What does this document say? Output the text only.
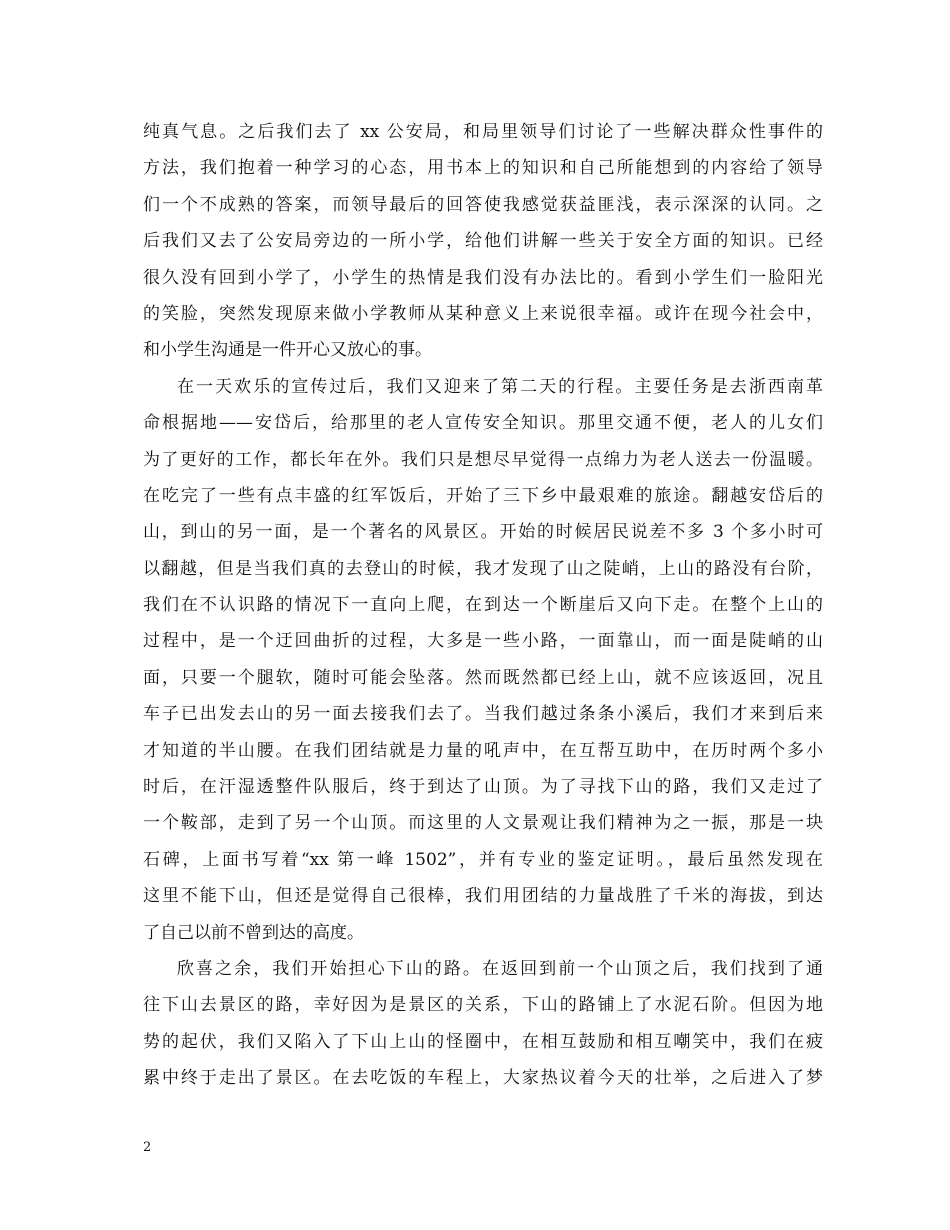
纯真气息。之后我们去了 xx 公安局，和局里领导们讨论了一些解决群众性事件的
方法，我们抱着一种学习的心态，用书本上的知识和自己所能想到的内容给了领导
们一个不成熟的答案，而领导最后的回答使我感觉获益匪浅，表示深深的认同。之
后我们又去了公安局旁边的一所小学，给他们讲解一些关于安全方面的知识。已经
很久没有回到小学了，小学生的热情是我们没有办法比的。看到小学生们一脸阳光
的笑脸，突然发现原来做小学教师从某种意义上来说很幸福。或许在现今社会中，
和小学生沟通是一件开心又放心的事。
在一天欢乐的宣传过后，我们又迎来了第二天的行程。主要任务是去浙西南革
命根据地——安岱后，给那里的老人宣传安全知识。那里交通不便，老人的儿女们
为了更好的工作，都长年在外。我们只是想尽早觉得一点绵力为老人送去一份温暖。
在吃完了一些有点丰盛的红军饭后，开始了三下乡中最艰难的旅途。翻越安岱后的
山，到山的另一面，是一个著名的风景区。开始的时候居民说差不多 3 个多小时可
以翻越，但是当我们真的去登山的时候，我才发现了山之陡峭，上山的路没有台阶，
我们在不认识路的情况下一直向上爬，在到达一个断崖后又向下走。在整个上山的
过程中，是一个迂回曲折的过程，大多是一些小路，一面靠山，而一面是陡峭的山
面，只要一个腿软，随时可能会坠落。然而既然都已经上山，就不应该返回，况且
车子已出发去山的另一面去接我们去了。当我们越过条条小溪后，我们才来到后来
才知道的半山腰。在我们团结就是力量的吼声中，在互帮互助中，在历时两个多小
时后，在汗湿透整件队服后，终于到达了山顶。为了寻找下山的路，我们又走过了
一个鞍部，走到了另一个山顶。而这里的人文景观让我们精神为之一振，那是一块
石碑，上面书写着“xx 第一峰 1502”，并有专业的鉴定证明。，最后虽然发现在
这里不能下山，但还是觉得自己很棒，我们用团结的力量战胜了千米的海拔，到达
了自己以前不曾到达的高度。
欣喜之余，我们开始担心下山的路。在返回到前一个山顶之后，我们找到了通
往下山去景区的路，幸好因为是景区的关系，下山的路铺上了水泥石阶。但因为地
势的起伏，我们又陷入了下山上山的怪圈中，在相互鼓励和相互嘲笑中，我们在疲
累中终于走出了景区。在去吃饭的车程上，大家热议着今天的壮举，之后进入了梦
2
